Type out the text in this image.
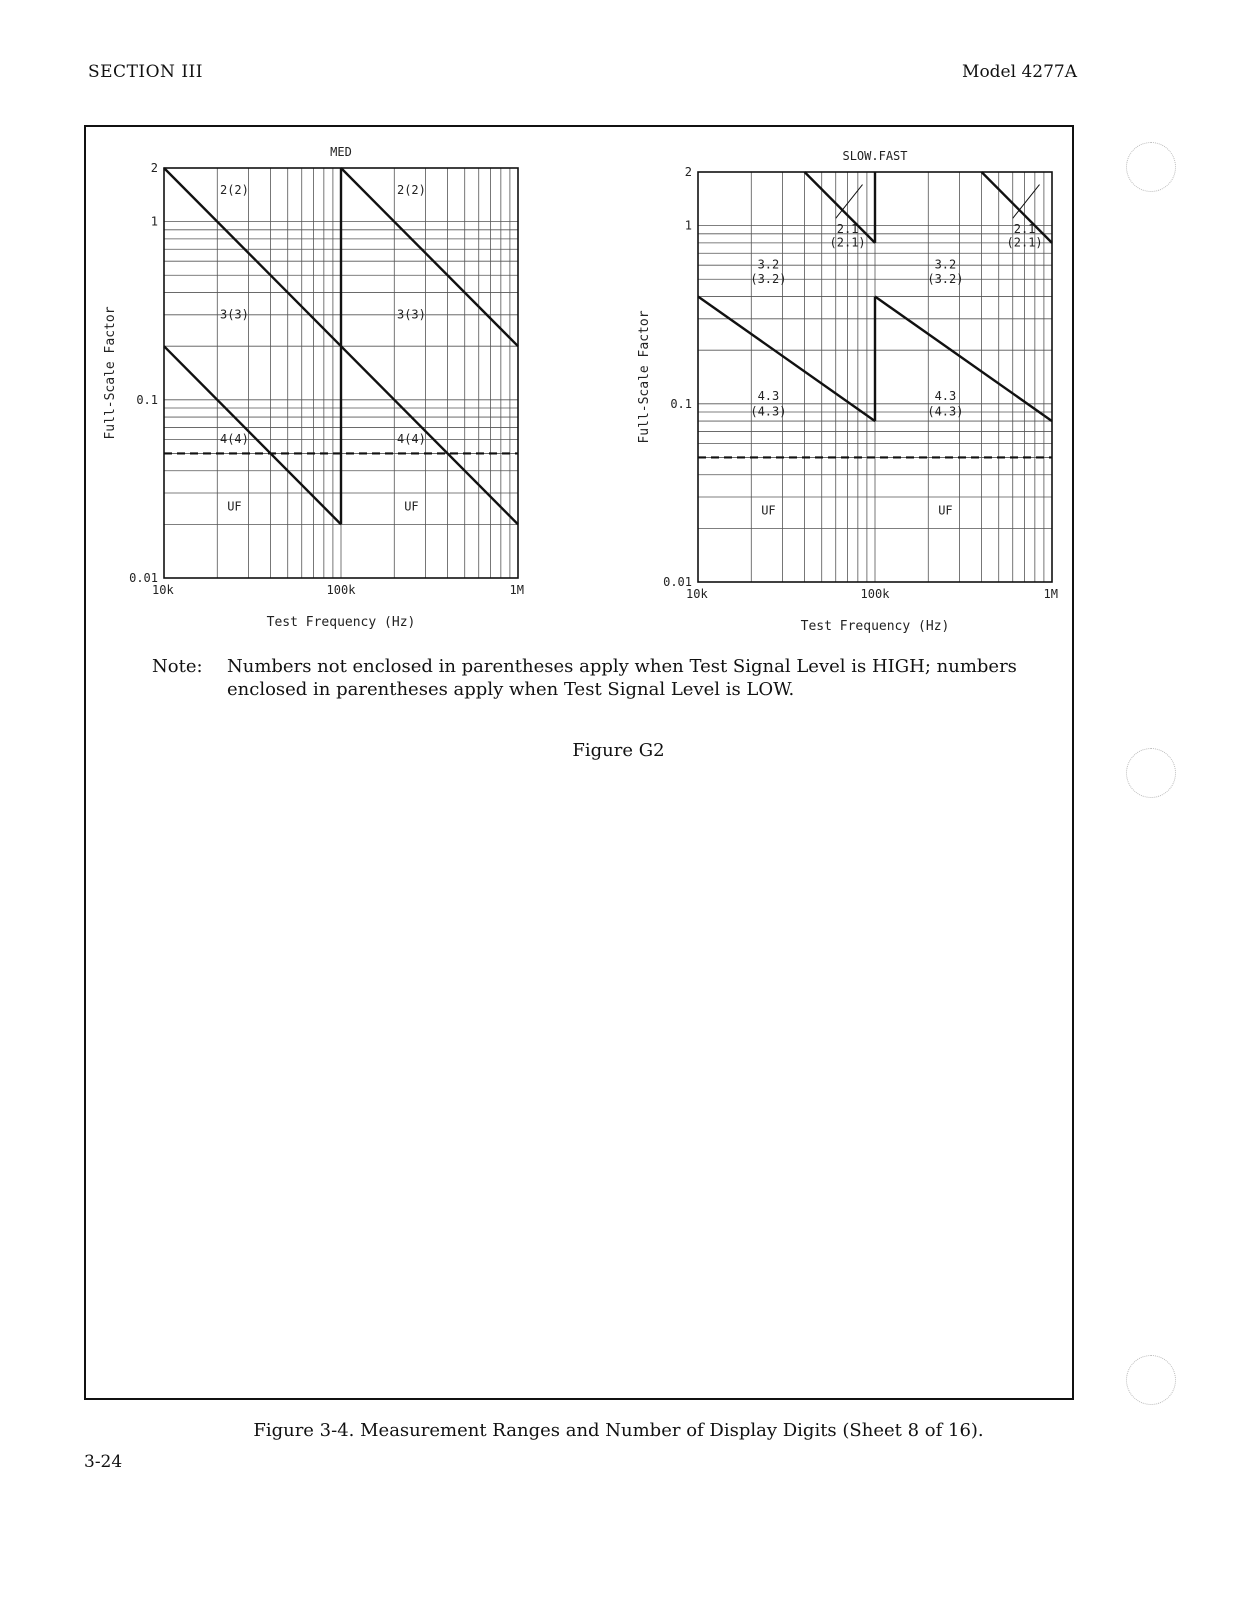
SECTION III	Model 4277A
2(2)	2(2)
3(3)	3(3)
4(4)	4(4)
UF	UF
MED
2
1
0.1
0.01
10k	100k	1M
Test Frequency (Hz)
Full-Scale Factor
2.1
(2.1)
2.1
(2.1)
3.2
(3.2)
3.2
(3.2)
4.3
(4.3)
4.3
(4.3)
UF	UF
SLOW.FAST
2
1
0.1
0.01
10k	100k	1M
Test Frequency (Hz)
Full-Scale Factor
Note: Numbers not enclosed in parentheses apply when Test Signal Level is HIGH; numbers enclosed in parentheses apply when Test Signal Level is LOW.
Figure G2
Figure 3-4. Measurement Ranges and Number of Display Digits (Sheet 8 of 16).
3-24
